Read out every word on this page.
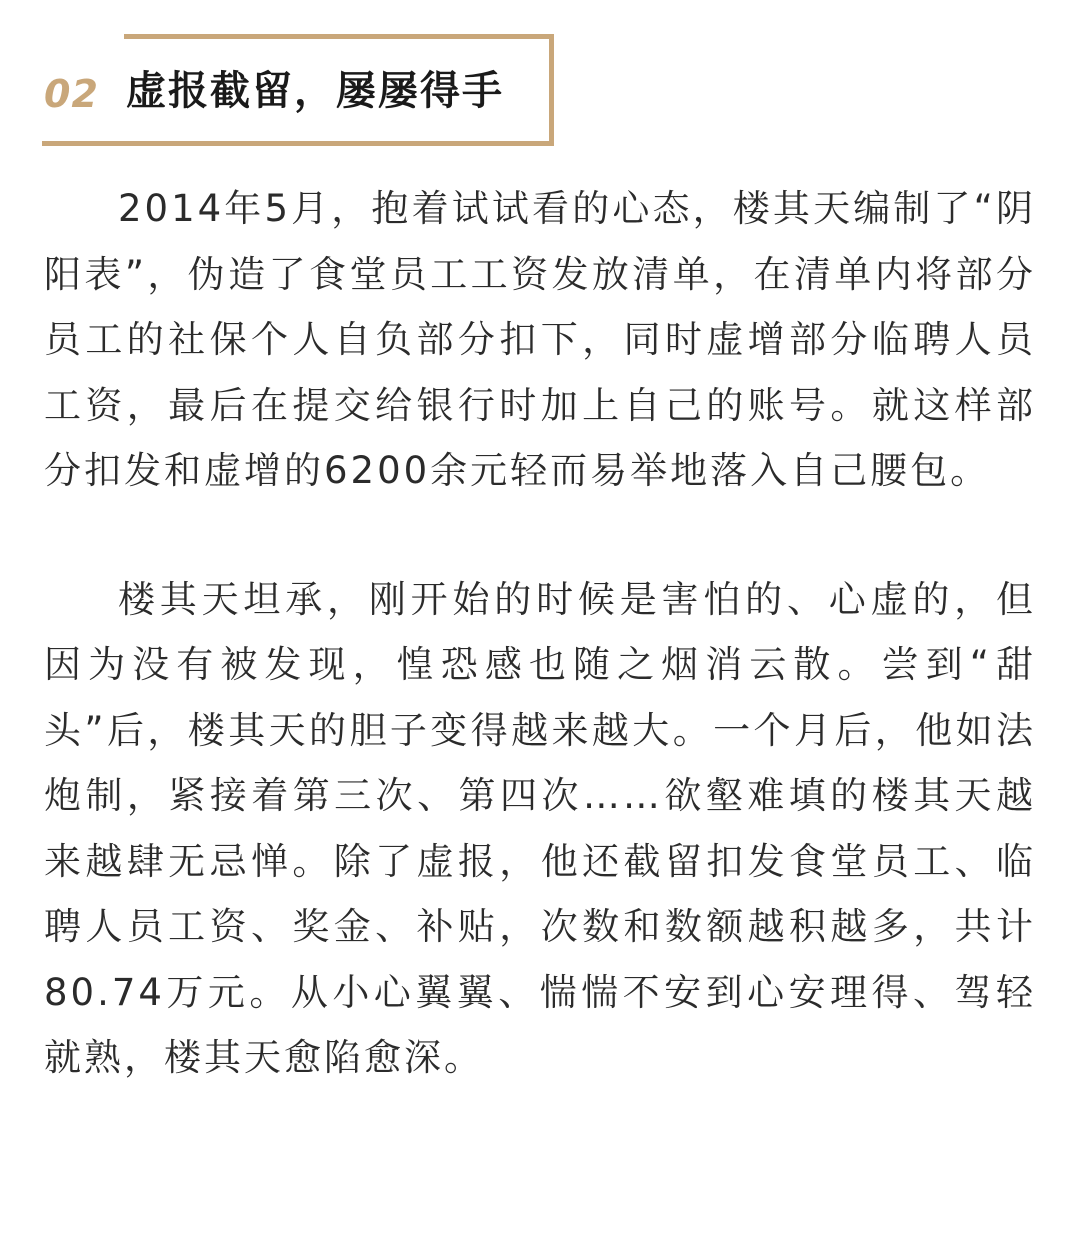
02 虚报截留，屡屡得手

2014年5月，抱着试试看的心态，楼其天编制了“阴阳表”，伪造了食堂员工工资发放清单，在清单内将部分员工的社保个人自负部分扣下，同时虚增部分临聘人员工资，最后在提交给银行时加上自己的账号。就这样部分扣发和虚增的6200余元轻而易举地落入自己腰包。

楼其天坦承，刚开始的时候是害怕的、心虚的，但因为没有被发现，惶恐感也随之烟消云散。尝到“甜头”后，楼其天的胆子变得越来越大。一个月后，他如法炮制，紧接着第三次、第四次……欲壑难填的楼其天越来越肆无忌惮。除了虚报，他还截留扣发食堂员工、临聘人员工资、奖金、补贴，次数和数额越积越多，共计80.74万元。从小心翼翼、惴惴不安到心安理得、驾轻就熟，楼其天愈陷愈深。
